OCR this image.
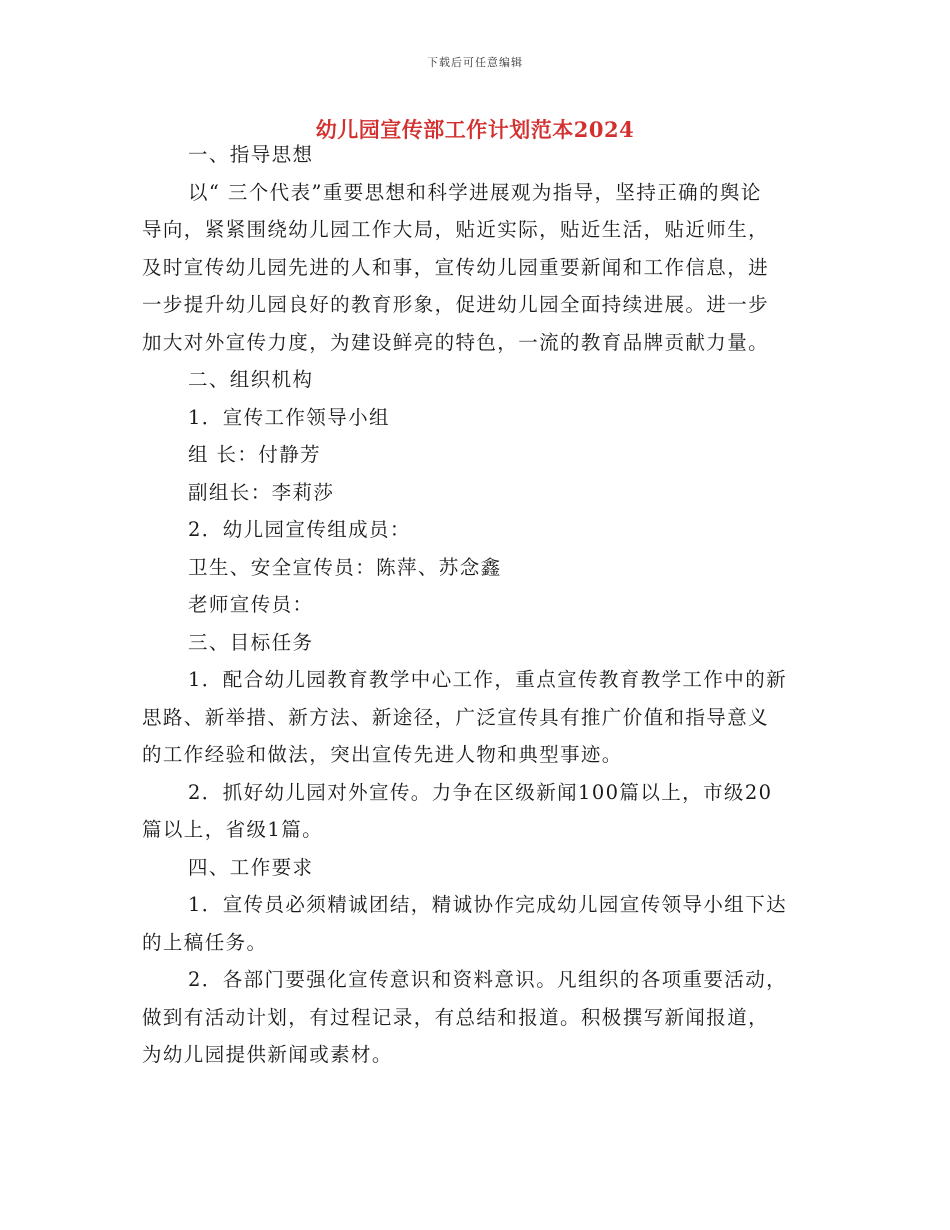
下载后可任意编辑
幼儿园宣传部工作计划范本2024

一、指导思想

以“ 三个代表”重要思想和科学进展观为指导，坚持正确的舆论

导向，紧紧围绕幼儿园工作大局，贴近实际，贴近生活，贴近师生，

及时宣传幼儿园先进的人和事，宣传幼儿园重要新闻和工作信息，进

一步提升幼儿园良好的教育形象，促进幼儿园全面持续进展。进一步

加大对外宣传力度，为建设鲜亮的特色，一流的教育品牌贡献力量。

二、组织机构

1．宣传工作领导小组

组 长：付静芳

副组长：李莉莎

2．幼儿园宣传组成员：

卫生、安全宣传员：陈萍、苏念鑫

老师宣传员：

三、目标任务

1．配合幼儿园教育教学中心工作，重点宣传教育教学工作中的新

思路、新举措、新方法、新途径，广泛宣传具有推广价值和指导意义

的工作经验和做法，突出宣传先进人物和典型事迹。

2．抓好幼儿园对外宣传。力争在区级新闻100篇以上，市级20

篇以上，省级1篇。

四、工作要求

1．宣传员必须精诚团结，精诚协作完成幼儿园宣传领导小组下达

的上稿任务。

2．各部门要强化宣传意识和资料意识。凡组织的各项重要活动，

做到有活动计划，有过程记录，有总结和报道。积极撰写新闻报道，

为幼儿园提供新闻或素材。
